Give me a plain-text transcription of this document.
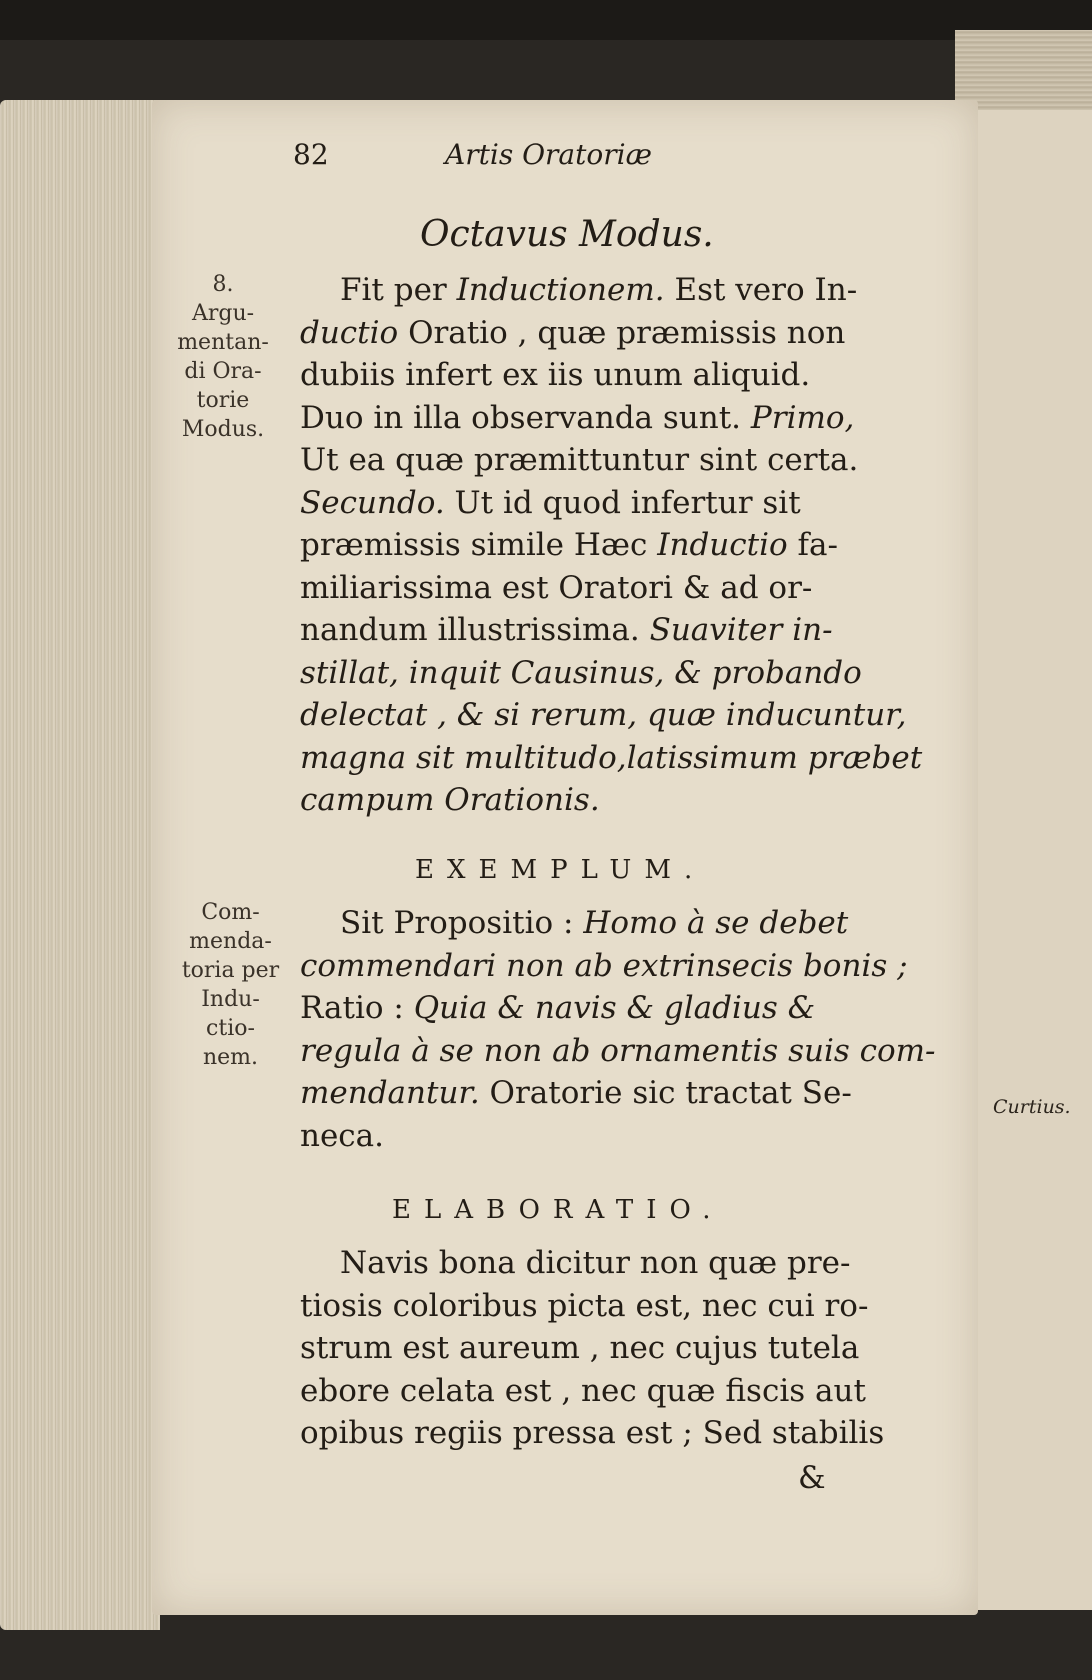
Curtius.
82	Artis Oratoriæ
Octavus Modus.
8.
Argu-
mentan-
di Ora-
torie
Modus.
Fit per Inductionem. Est vero In-
ductio Oratio , quæ præmissis non
dubiis infert ex iis unum aliquid.
Duo in illa observanda sunt. Primo,
Ut ea quæ præmittuntur sint certa.
Secundo. Ut id quod infertur sit
præmissis simile Hæc Inductio fa-
miliarissima est Oratori & ad or-
nandum illustrissima. Suaviter in-
stillat, inquit Causinus, & probando
delectat , & si rerum, quæ inducuntur,
magna sit multitudo,latissimum præbet
campum Orationis.
EXEMPLUM.
Com-
menda-
toria per
Indu-
ctio-
nem.
Sit Propositio : Homo à se debet
commendari non ab extrinsecis bonis ;
Ratio : Quia & navis & gladius &
regula à se non ab ornamentis suis com-
mendantur. Oratorie sic tractat Se-
neca.
ELABORATIO.
Navis bona dicitur non quæ pre-
tiosis coloribus picta est, nec cui ro-
strum est aureum , nec cujus tutela
ebore celata est , nec quæ fiscis aut
opibus regiis pressa est ; Sed stabilis
&
